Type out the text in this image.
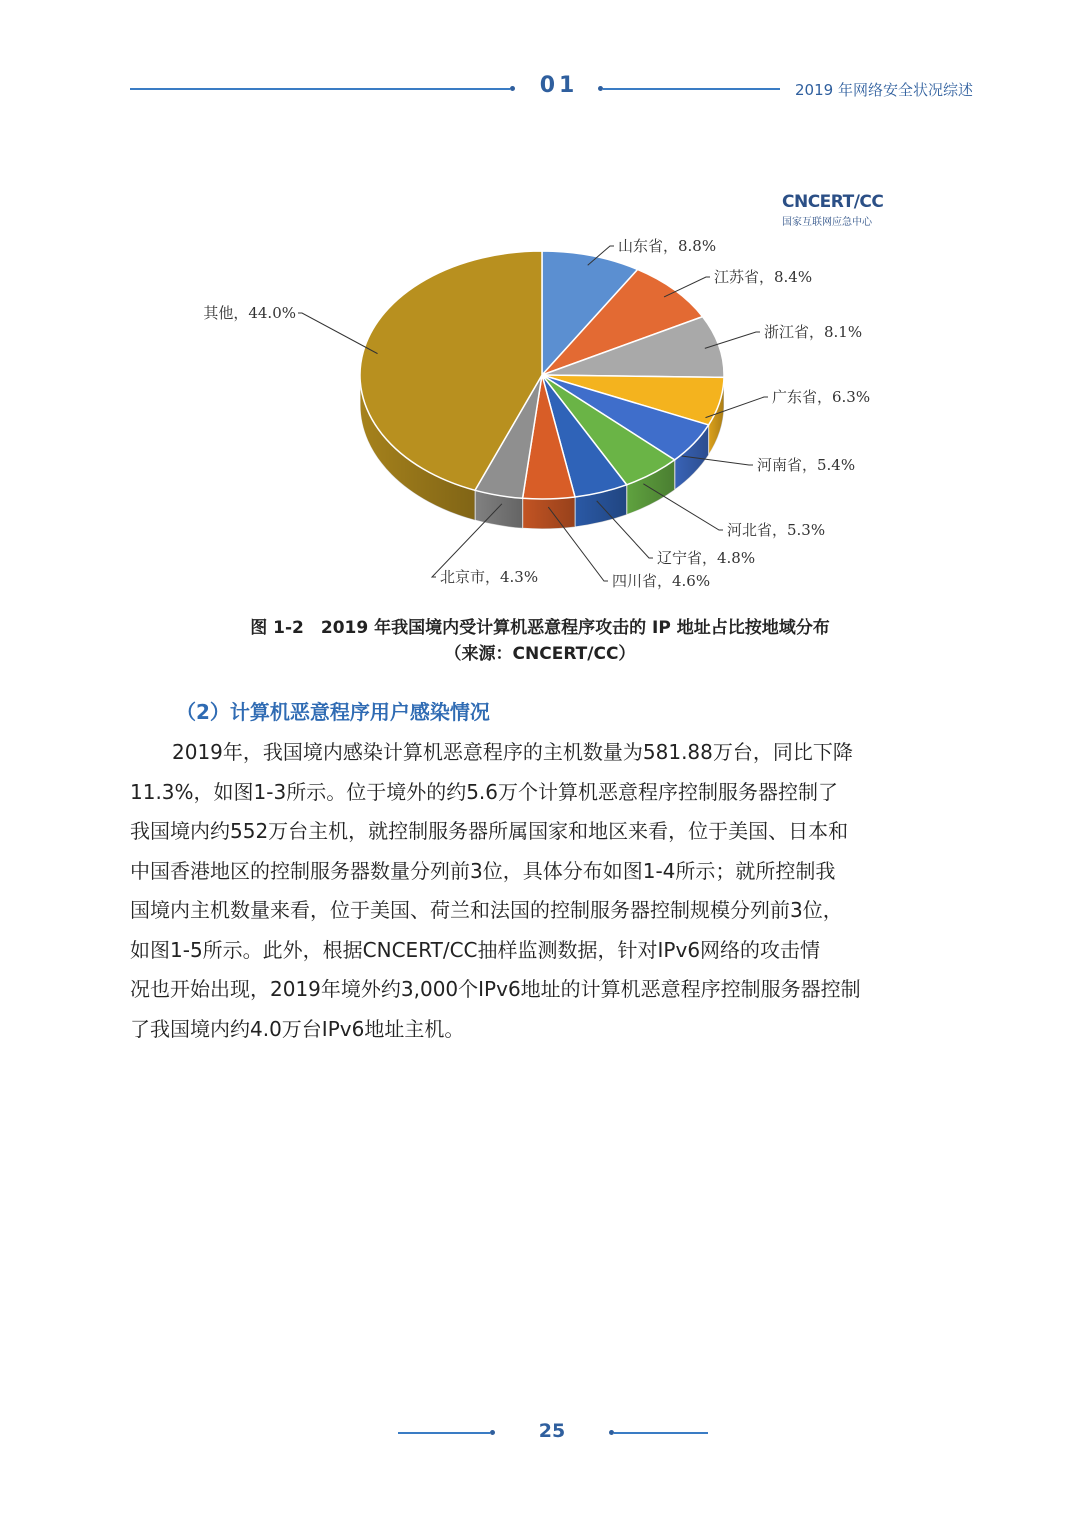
01	2019 年网络安全状况综述
CNCERT/CC
国家互联网应急中心
山东省，8.8%
江苏省，8.4%
浙江省，8.1%
广东省，6.3%
河南省，5.4%
河北省，5.3%
辽宁省，4.8%
四川省，4.6%
北京市，4.3%
其他，44.0%
图 1-2　2019 年我国境内受计算机恶意程序攻击的 IP 地址占比按地域分布
（来源：CNCERT/CC）
（2）计算机恶意程序用户感染情况
2019年，我国境内感染计算机恶意程序的主机数量为581.88万台，同比下降
11.3%，如图1-3所示。位于境外的约5.6万个计算机恶意程序控制服务器控制了
我国境内约552万台主机，就控制服务器所属国家和地区来看，位于美国、日本和
中国香港地区的控制服务器数量分列前3位，具体分布如图1-4所示；就所控制我
国境内主机数量来看，位于美国、荷兰和法国的控制服务器控制规模分列前3位，
如图1-5所示。此外，根据CNCERT/CC抽样监测数据，针对IPv6网络的攻击情
况也开始出现，2019年境外约3,000个IPv6地址的计算机恶意程序控制服务器控制
了我国境内约4.0万台IPv6地址主机。
25
